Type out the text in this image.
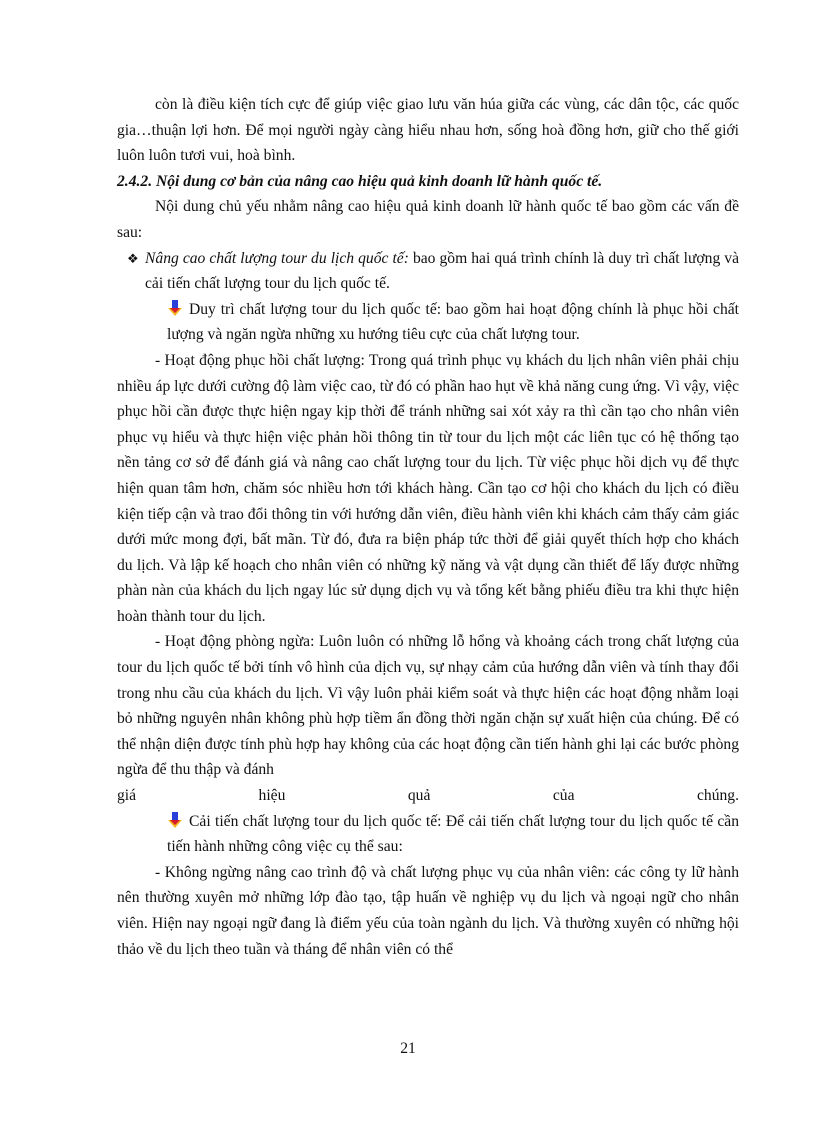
còn là điều kiện tích cực để giúp việc giao lưu văn húa giữa các vùng, các dân tộc, các quốc gia…thuận lợi hơn. Để mọi người ngày càng hiểu nhau hơn, sống hoà đồng hơn, giữ cho thế giới luôn luôn tươi vui, hoà bình.

2.4.2. Nội dung cơ bản của nâng cao hiệu quả kinh doanh lữ hành quốc tế.

Nội dung chủ yếu nhằm nâng cao hiệu quả kinh doanh lữ hành quốc tế bao gồm các vấn đề sau:

❖ Nâng cao chất lượng tour du lịch quốc tế: bao gồm hai quá trình chính là duy trì chất lượng và cải tiến chất lượng tour du lịch quốc tế.

Duy trì chất lượng tour du lịch quốc tế: bao gồm hai hoạt động chính là phục hồi chất lượng và ngăn ngừa những xu hướng tiêu cực của chất lượng tour.

- Hoạt động phục hồi chất lượng: Trong quá trình phục vụ khách du lịch nhân viên phải chịu nhiều áp lực dưới cường độ làm việc cao, từ đó có phần hao hụt về khả năng cung ứng. Vì vậy, việc phục hồi cần được thực hiện ngay kịp thời để tránh những sai xót xảy ra thì cần tạo cho nhân viên phục vụ hiểu và thực hiện việc phản hồi thông tin từ tour du lịch một các liên tục có hệ thống tạo nền tảng cơ sở để đánh giá và nâng cao chất lượng tour du lịch. Từ việc phục hồi dịch vụ để thực hiện quan tâm hơn, chăm sóc nhiều hơn tới khách hàng. Cần tạo cơ hội cho khách du lịch có điều kiện tiếp cận và trao đổi thông tin với hướng dẫn viên, điều hành viên khi khách cảm thấy cảm giác dưới mức mong đợi, bất mãn. Từ đó, đưa ra biện pháp tức thời để giải quyết thích hợp cho khách du lịch. Và lập kế hoạch cho nhân viên có những kỹ năng và vật dụng cần thiết để lấy được những phàn nàn của khách du lịch ngay lúc sử dụng dịch vụ và tổng kết bằng phiếu điều tra khi thực hiện hoàn thành tour du lịch.

- Hoạt động phòng ngừa: Luôn luôn có những lỗ hổng và khoảng cách trong chất lượng của tour du lịch quốc tế bởi tính vô hình của dịch vụ, sự nhạy cảm của hướng dẫn viên và tính thay đổi trong nhu cầu của khách du lịch. Vì vậy luôn phải kiểm soát và thực hiện các hoạt động nhằm loại bỏ những nguyên nhân không phù hợp tiềm ẩn đồng thời ngăn chặn sự xuất hiện của chúng. Để có thể nhận diện được tính phù hợp hay không của các hoạt động cần tiến hành ghi lại các bước phòng ngừa để thu thập và đánh

giá hiệu quả của chúng.

Cải tiến chất lượng tour du lịch quốc tế: Để cải tiến chất lượng tour du lịch quốc tế cần tiến hành những công việc cụ thể sau:

- Không ngừng nâng cao trình độ và chất lượng phục vụ của nhân viên: các công ty lữ hành nên thường xuyên mở những lớp đào tạo, tập huấn về nghiệp vụ du lịch và ngoại ngữ cho nhân viên. Hiện nay ngoại ngữ đang là điểm yếu của toàn ngành du lịch. Và thường xuyên có những hội thảo về du lịch theo tuần và tháng để nhân viên có thể

21
